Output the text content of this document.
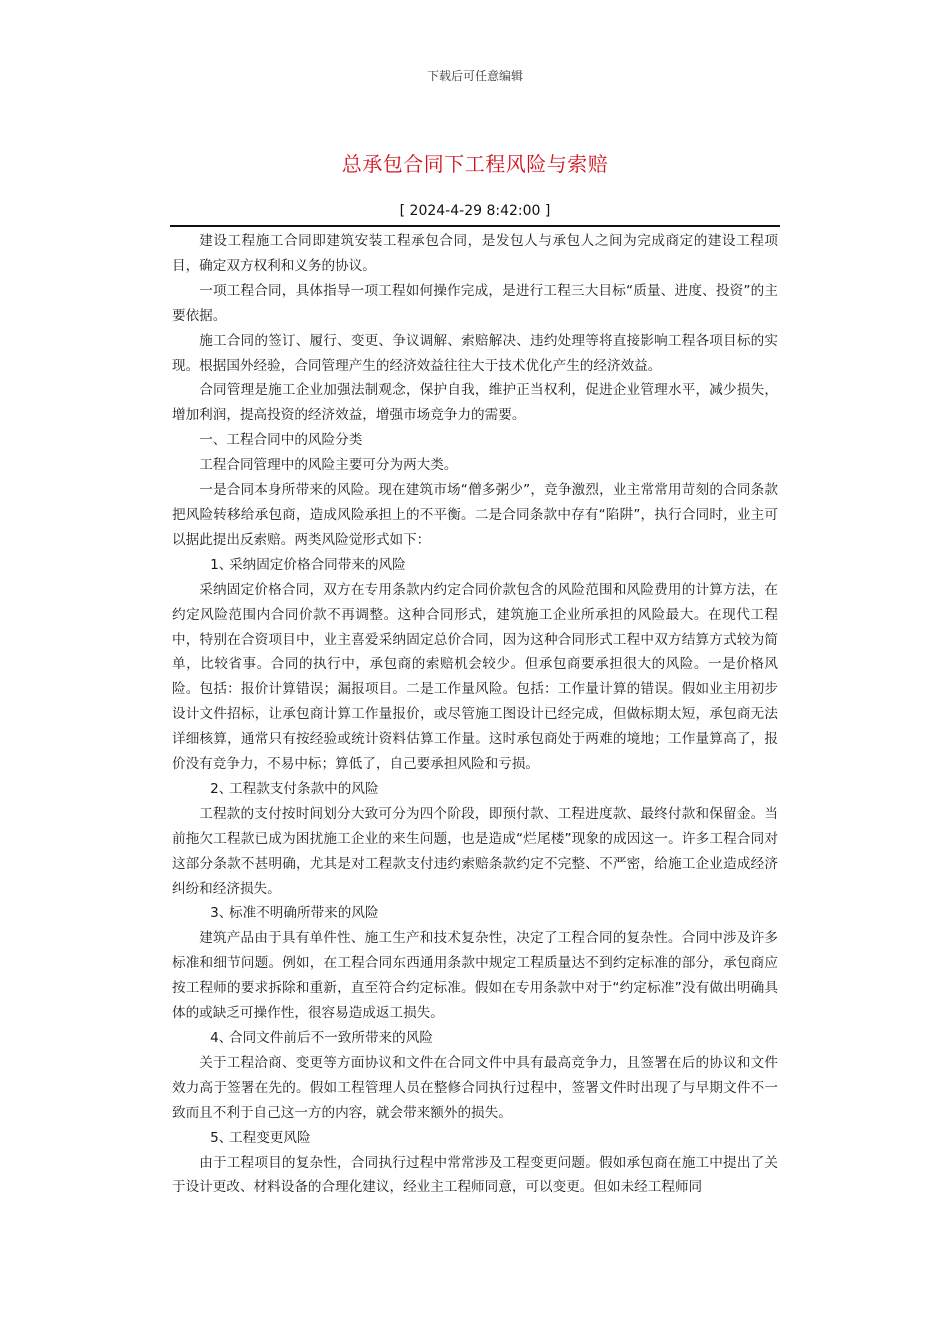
下载后可任意编辑
总承包合同下工程风险与索赔
[ 2024-4-29 8:42:00 ]

建设工程施工合同即建筑安装工程承包合同，是发包人与承包人之间为完成商定的建设工程项目，确定双方权利和义务的协议。

一项工程合同，具体指导一项工程如何操作完成，是进行工程三大目标“质量、进度、投资”的主要依据。

施工合同的签订、履行、变更、争议调解、索赔解决、违约处理等将直接影响工程各项目标的实现。根据国外经验，合同管理产生的经济效益往往大于技术优化产生的经济效益。

合同管理是施工企业加强法制观念，保护自我，维护正当权利，促进企业管理水平，减少损失，增加利润，提高投资的经济效益，增强市场竞争力的需要。

一、工程合同中的风险分类

工程合同管理中的风险主要可分为两大类。

一是合同本身所带来的风险。现在建筑市场“僧多粥少”，竞争激烈，业主常常用苛刻的合同条款把风险转移给承包商，造成风险承担上的不平衡。二是合同条款中存有“陷阱”，执行合同时，业主可以据此提出反索赔。两类风险觉形式如下：

1、采纳固定价格合同带来的风险

采纳固定价格合同，双方在专用条款内约定合同价款包含的风险范围和风险费用的计算方法，在约定风险范围内合同价款不再调整。这种合同形式，建筑施工企业所承担的风险最大。在现代工程中，特别在合资项目中，业主喜爱采纳固定总价合同，因为这种合同形式工程中双方结算方式较为简单，比较省事。合同的执行中，承包商的索赔机会较少。但承包商要承担很大的风险。一是价格风险。包括：报价计算错误；漏报项目。二是工作量风险。包括：工作量计算的错误。假如业主用初步设计文件招标，让承包商计算工作量报价，或尽管施工图设计已经完成，但做标期太短，承包商无法详细核算，通常只有按经验或统计资料估算工作量。这时承包商处于两难的境地；工作量算高了，报价没有竞争力，不易中标；算低了，自己要承担风险和亏损。

2、工程款支付条款中的风险

工程款的支付按时间划分大致可分为四个阶段，即预付款、工程进度款、最终付款和保留金。当前拖欠工程款已成为困扰施工企业的来生问题，也是造成“烂尾楼”现象的成因这一。许多工程合同对这部分条款不甚明确，尤其是对工程款支付违约索赔条款约定不完整、不严密，给施工企业造成经济纠纷和经济损失。

3、标准不明确所带来的风险

建筑产品由于具有单件性、施工生产和技术复杂性，决定了工程合同的复杂性。合同中涉及许多标准和细节问题。例如，在工程合同东西通用条款中规定工程质量达不到约定标准的部分，承包商应按工程师的要求拆除和重新，直至符合约定标准。假如在专用条款中对于“约定标准”没有做出明确具体的或缺乏可操作性，很容易造成返工损失。

4、合同文件前后不一致所带来的风险

关于工程洽商、变更等方面协议和文件在合同文件中具有最高竞争力，且签署在后的协议和文件效力高于签署在先的。假如工程管理人员在整修合同执行过程中，签署文件时出现了与早期文件不一致而且不利于自己这一方的内容，就会带来额外的损失。

5、工程变更风险

由于工程项目的复杂性，合同执行过程中常常涉及工程变更问题。假如承包商在施工中提出了关于设计更改、材料设备的合理化建议，经业主工程师同意，可以变更。但如未经工程师同
